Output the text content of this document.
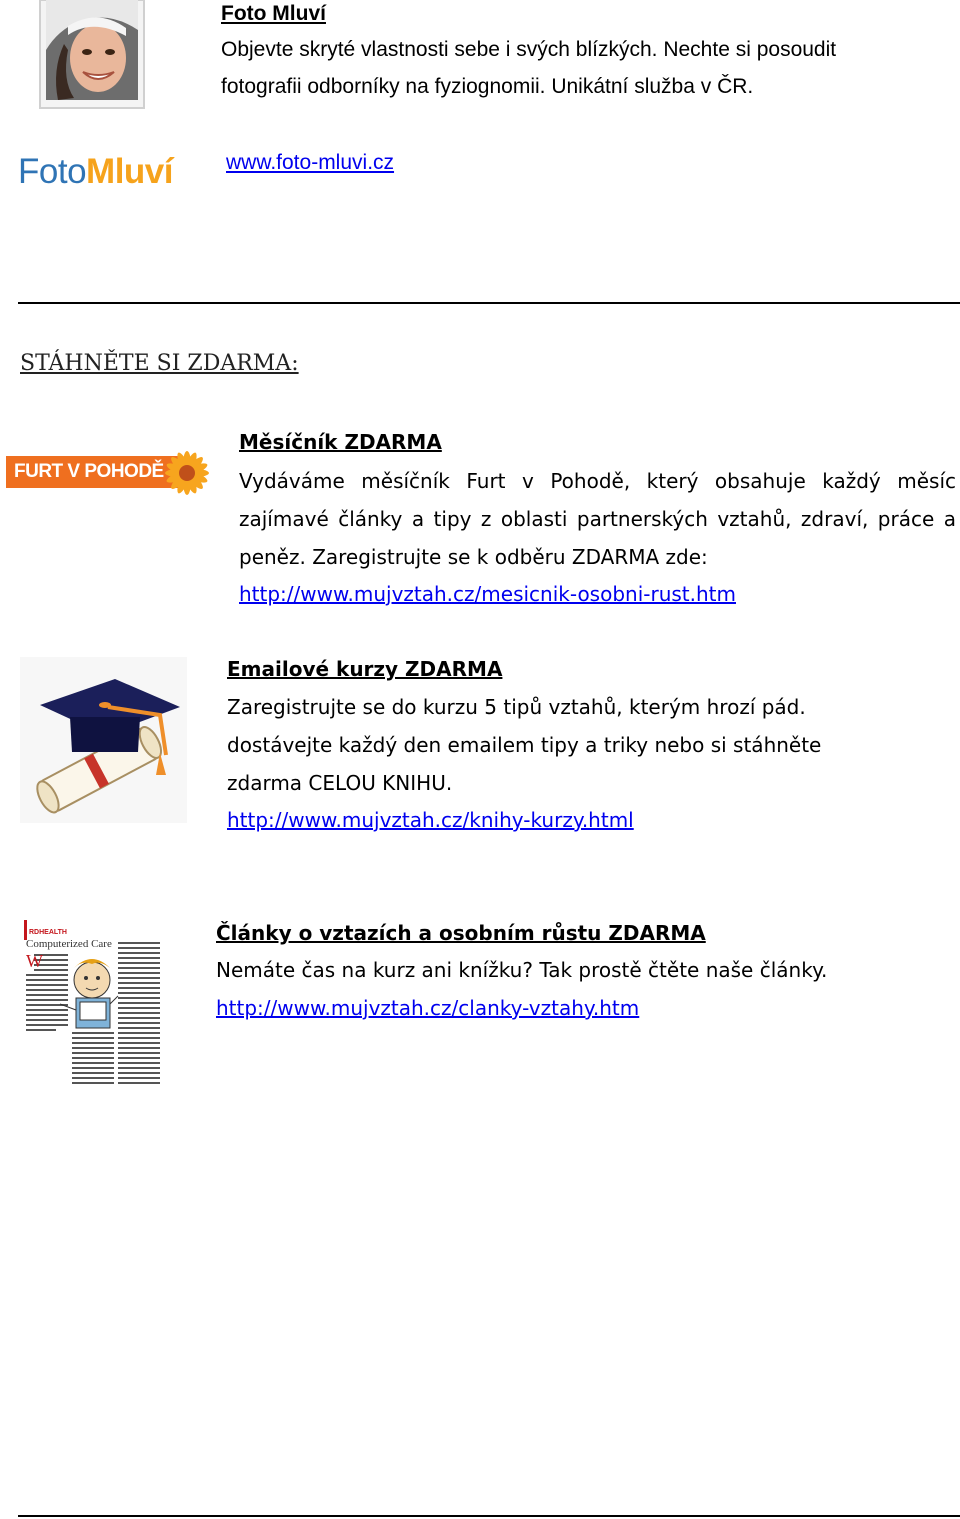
FotoMluví
Foto Mluví
Objevte skryté vlastnosti sebe i svých blízkých. Nechte si posoudit
fotografii odborníky na fyziognomii. Unikátní služba v ČR.
www.foto-mluvi.cz
STÁHNĚTE SI ZDARMA:
FURT V POHODĚ
Měsíčník ZDARMA
Vydáváme měsíčník Furt v Pohodě, který obsahuje každý měsíc
zajímavé články a tipy z oblasti partnerských vztahů, zdraví, práce a
peněz. Zaregistrujte se k odběru ZDARMA zde:
http://www.mujvztah.cz/mesicnik-osobni-rust.htm
Emailové kurzy ZDARMA
Zaregistrujte se do kurzu 5 tipů vztahů, kterým hrozí pád.
dostávejte každý den emailem tipy a triky nebo si stáhněte
zdarma CELOU KNIHU.
http://www.mujvztah.cz/knihy-kurzy.html
RDHEALTH
Computerized Care
W
Články o vztazích a osobním růstu ZDARMA
Nemáte čas na kurz ani knížku? Tak prostě čtěte naše články.
http://www.mujvztah.cz/clanky-vztahy.htm
